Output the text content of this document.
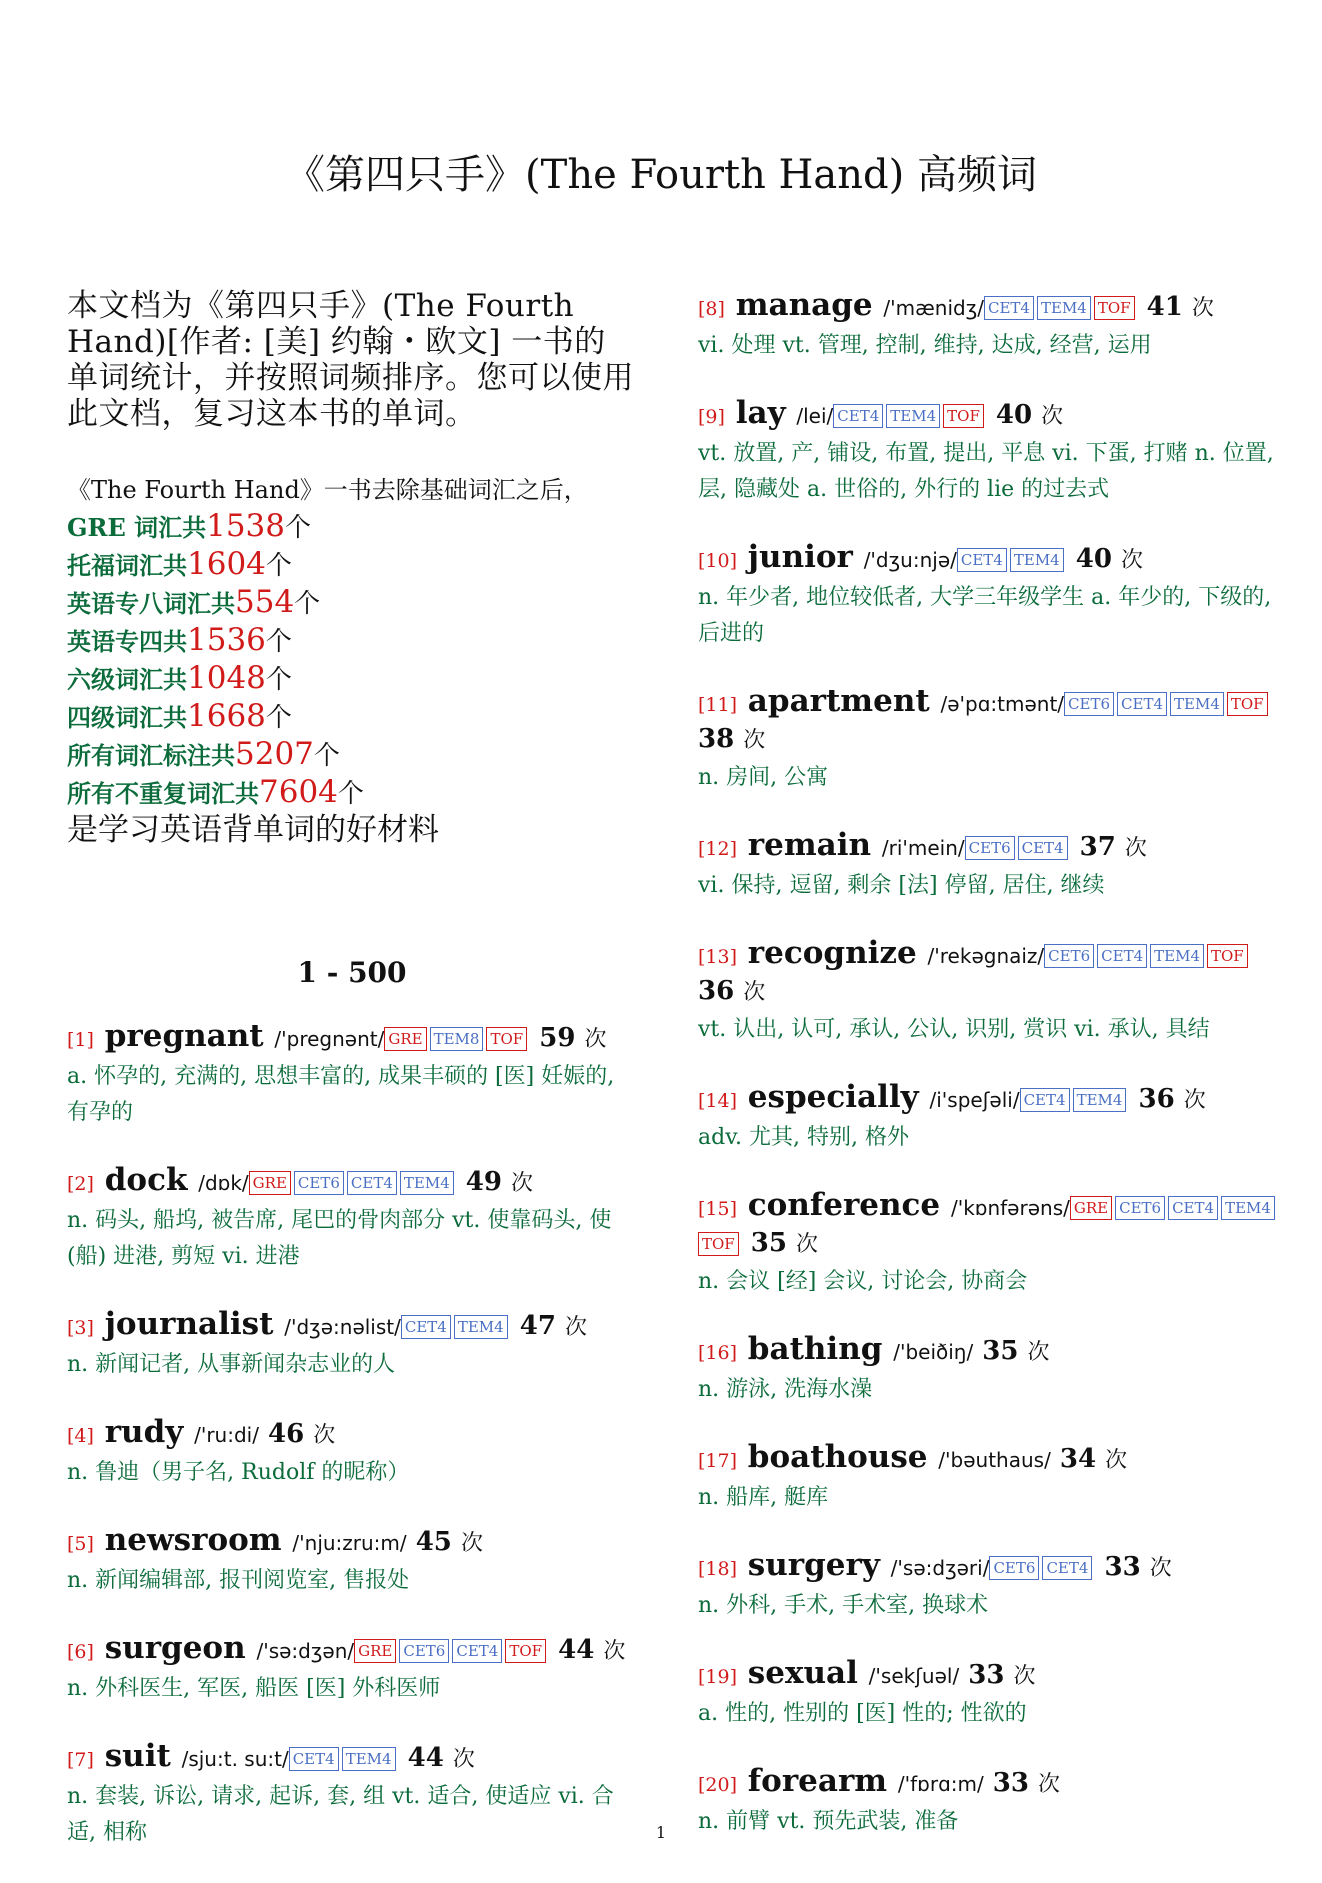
《第四只手》(The Fourth Hand) 高频词
本文档为《第四只手》(The Fourth Hand)[作者: [美] 约翰・欧文] 一书的单词统计，并按照词频排序。您可以使用此文档，复习这本书的单词。
《The Fourth Hand》一书去除基础词汇之后，
GRE 词汇共1538个
托福词汇共1604个
英语专八词汇共554个
英语专四共1536个
六级词汇共1048个
四级词汇共1668个
所有词汇标注共5207个
所有不重复词汇共7604个
是学习英语背单词的好材料
1 - 500
[1] pregnant /'pregnənt/ GRE TEM8 TOF 59 次
a. 怀孕的, 充满的, 思想丰富的, 成果丰硕的 [医] 妊娠的, 有孕的
[2] dock /dɒk/ GRE CET6 CET4 TEM4 49 次
n. 码头, 船坞, 被告席, 尾巴的骨肉部分 vt. 使靠码头, 使 (船) 进港, 剪短 vi. 进港
[3] journalist /'dʒə:nəlist/ CET4 TEM4 47 次
n. 新闻记者, 从事新闻杂志业的人
[4] rudy /'ru:di/ 46 次
n. 鲁迪（男子名, Rudolf 的昵称）
[5] newsroom /'nju:zru:m/ 45 次
n. 新闻编辑部, 报刊阅览室, 售报处
[6] surgeon /'sə:dʒən/ GRE CET6 CET4 TOF 44 次
n. 外科医生, 军医, 船医 [医] 外科医师
[7] suit /sju:t. su:t/ CET4 TEM4 44 次
n. 套装, 诉讼, 请求, 起诉, 套, 组 vt. 适合, 使适应 vi. 合适, 相称
[8] manage /'mænidʒ/ CET4 TEM4 TOF 41 次
vi. 处理 vt. 管理, 控制, 维持, 达成, 经营, 运用
[9] lay /lei/ CET4 TEM4 TOF 40 次
vt. 放置, 产, 铺设, 布置, 提出, 平息 vi. 下蛋, 打赌 n. 位置, 层, 隐藏处 a. 世俗的, 外行的 lie 的过去式
[10] junior /'dʒu:njə/ CET4 TEM4 40 次
n. 年少者, 地位较低者, 大学三年级学生 a. 年少的, 下级的, 后进的
[11] apartment /ə'pɑ:tmənt/ CET6 CET4 TEM4 TOF 38 次
n. 房间, 公寓
[12] remain /ri'mein/ CET6 CET4 37 次
vi. 保持, 逗留, 剩余 [法] 停留, 居住, 继续
[13] recognize /'rekəgnaiz/ CET6 CET4 TEM4 TOF 36 次
vt. 认出, 认可, 承认, 公认, 识别, 赏识 vi. 承认, 具结
[14] especially /i'speʃəli/ CET4 TEM4 36 次
adv. 尤其, 特别, 格外
[15] conference /'kɒnfərəns/ GRE CET6 CET4 TEM4TOF 35 次
n. 会议 [经] 会议, 讨论会, 协商会
[16] bathing /'beiðiŋ/ 35 次
n. 游泳, 洗海水澡
[17] boathouse /'bəuthaus/ 34 次
n. 船库, 艇库
[18] surgery /'sə:dʒəri/ CET6 CET4 33 次
n. 外科, 手术, 手术室, 换球术
[19] sexual /'sekʃuəl/ 33 次
a. 性的, 性别的 [医] 性的; 性欲的
[20] forearm /'fɒrɑ:m/ 33 次
n. 前臂 vt. 预先武装, 准备
1
